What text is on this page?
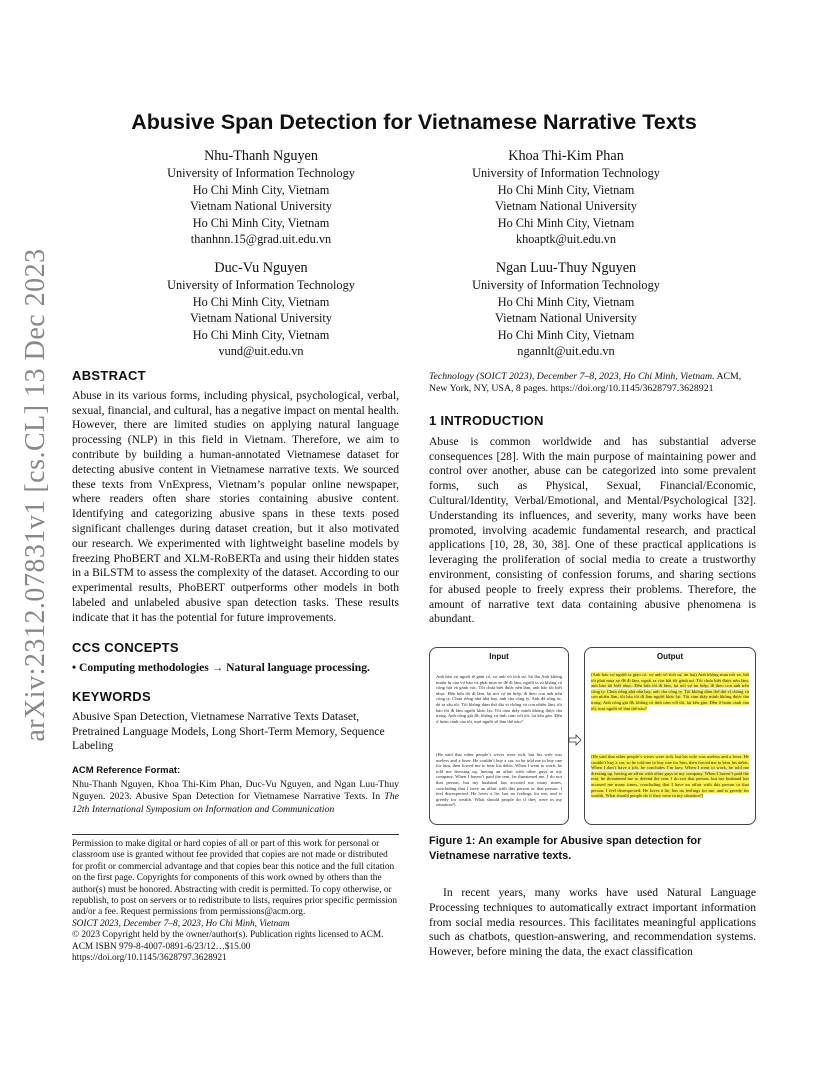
arXiv:2312.07831v1 [cs.CL] 13 Dec 2023
Abusive Span Detection for Vietnamese Narrative Texts
Nhu-Thanh Nguyen
University of Information Technology
Ho Chi Minh City, Vietnam
Vietnam National University
Ho Chi Minh City, Vietnam
thanhnn.15@grad.uit.edu.vn
Khoa Thi-Kim Phan
University of Information Technology
Ho Chi Minh City, Vietnam
Vietnam National University
Ho Chi Minh City, Vietnam
khoaptk@uit.edu.vn
Duc-Vu Nguyen
University of Information Technology
Ho Chi Minh City, Vietnam
Vietnam National University
Ho Chi Minh City, Vietnam
vund@uit.edu.vn
Ngan Luu-Thuy Nguyen
University of Information Technology
Ho Chi Minh City, Vietnam
Vietnam National University
Ho Chi Minh City, Vietnam
ngannlt@uit.edu.vn
ABSTRACT

Abuse in its various forms, including physical, psychological, verbal, sexual, financial, and cultural, has a negative impact on mental health. However, there are limited studies on applying natural language processing (NLP) in this field in Vietnam. Therefore, we aim to contribute by building a human-annotated Vietnamese dataset for detecting abusive content in Vietnamese narrative texts. We sourced these texts from VnExpress, Vietnam’s popular online newspaper, where readers often share stories containing abusive content. Identifying and categorizing abusive spans in these texts posed significant challenges during dataset creation, but it also motivated our research. We experimented with lightweight baseline models by freezing PhoBERT and XLM-RoBERTa and using their hidden states in a BiLSTM to assess the complexity of the dataset. According to our experimental results, PhoBERT outperforms other models in both labeled and unlabeled abusive span detection tasks. These results indicate that it has the potential for future improvements.

CCS CONCEPTS

• Computing methodologies → Natural language processing.

KEYWORDS

Abusive Span Detection, Vietnamese Narrative Texts Dataset, Pretrained Language Models, Long Short-Term Memory, Sequence Labeling

ACM Reference Format:

Nhu-Thanh Nguyen, Khoa Thi-Kim Phan, Duc-Vu Nguyen, and Ngan Luu-Thuy Nguyen. 2023. Abusive Span Detection for Vietnamese Narrative Texts. In The 12th International Symposium on Information and Communication

Permission to make digital or hard copies of all or part of this work for personal or classroom use is granted without fee provided that copies are not made or distributed for profit or commercial advantage and that copies bear this notice and the full citation on the first page. Copyrights for components of this work owned by others than the author(s) must be honored. Abstracting with credit is permitted. To copy otherwise, or republish, to post on servers or to redistribute to lists, requires prior specific permission and/or a fee. Request permissions from permissions@acm.org.

SOICT 2023, December 7–8, 2023, Ho Chi Minh, Vietnam

© 2023 Copyright held by the owner/author(s). Publication rights licensed to ACM.

ACM ISBN 979-8-4007-0891-6/23/12…$15.00

https://doi.org/10.1145/3628797.3628921

Technology (SOICT 2023), December 7–8, 2023, Ho Chi Minh, Vietnam. ACM, New York, NY, USA, 8 pages. https://doi.org/10.1145/3628797.3628921
1 INTRODUCTION

Abuse is common worldwide and has substantial adverse consequences [28]. With the main purpose of maintaining power and control over another, abuse can be categorized into some prevalent forms, such as Physical, Sexual, Financial/Economic, Cultural/Identity, Verbal/Emotional, and Mental/Psychological [32]. Understanding its influences, and severity, many works have been promoted, involving academic fundamental research, and practical applications [10, 28, 30, 38]. One of these practical applications is leveraging the proliferation of social media to create a trustworthy environment, consisting of confession forums, and sharing sections for abused people to freely express their problems. Therefore, the amount of narrative text data containing abusive phenomena is abundant.

Input
Anh bảo vợ nguời tệ giàn có, vợ anh vô tích sự. Sa lâu Anh không muốn bị của vợ bảo và phải mua xe để đi làm, người ta rủ không có công hột và gánh vác. Tôi chưa biết được nên làm, anh bảo tôi biết nhục. Đến bữa tôi đi làm, lại nói vợ ăn hiếp, đi theo con anh trên công ty. Chưa riêng nhà nhà hay, anh cha công ty. Anh đã sống ác, dè ra sấu tôi. Tôi không dám thở dài vì chồng và con nhiều lắm, tôi bảo tôi đi làm người khác lại. Tôi cảm thấy mình không được tha trong. Anh công giả đã, không có tình cảm với tôi, lại kêu gào. Đến ở hoàn cảnh của tôi, mọi người sẽ làm thế nào?
(He said that other people’s wives were rich, but his wife was useless and a loser. He couldn’t buy a car, so he told me to buy one for him, then forced me to bear his debts. When I went to work, he told me dressing up, having an affair with other guys at my company. When I haven’t paid the rent, he threatened me. I do not that person, but my husband has accused me many times, concluding that I have an affair with this person or that person. I feel disrespected. He loves a lie, has no feelings for me, and is greedy for wealth. What should people do if they were in my situation?)
Output
(Anh bảo vợ người ta giàu có, vợ anh vô tích sự, ăn hại) Anh không mua nổi xe, bắt tôi phải mua xe để đi làm, ngoài ra còn bắt tôi gánh nợ. Tôi chưa biết được nên làm, anh bảo tôi biết nhục. Đến bữa tôi đi làm, lại nói vợ ăn hiếp, đi theo con anh trên công ty. Chưa riêng nhà nhà hay, anh cha công ty. Tôi không dám thở dài vì chồng và con nhiều lắm, tôi bảo tôi đi làm người khác lại. Tôi cảm thấy mình không được tha trong. Anh công giả đã, không có tình cảm với tôi, lại kêu gào. Đến ở hoàn cảnh của tôi, mọi người sẽ làm thế nào?
(He said that other people’s wives were rich, but his wife was useless and a loser. He couldn’t buy a car, so he told me to buy one for him, then forced me to bear his debts. When I don’t have a job, he concludes I’m lazy. When I went to work, he told me dressing up, having an affair with other guys at my company. When I haven’t paid the rent, he threatened me to defend the rent. I do not that person, but my husband has accused me many times, concluding that I have an affair with this person or that person. I feel disrespected. He loves a lie, has no feelings for me, and is greedy for wealth. What should people do if they were in my situation?)
Figure 1: An example for Abusive span detection for Vietnamese narrative texts.
In recent years, many works have used Natural Language Processing techniques to automatically extract important information from social media resources. This facilitates meaningful applications such as chatbots, question-answering, and recommendation systems. However, before mining the data, the exact classification
